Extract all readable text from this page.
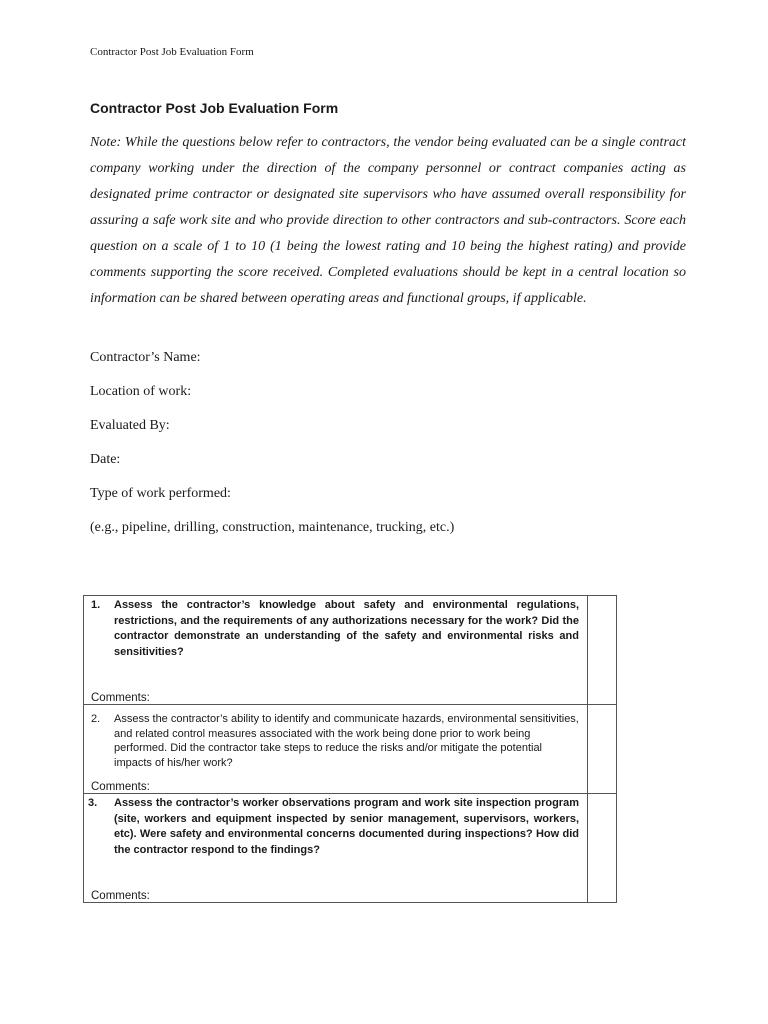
Contractor Post Job Evaluation Form
Contractor Post Job Evaluation Form

Note: While the questions below refer to contractors, the vendor being evaluated can be a single contract company working under the direction of the company personnel or contract companies acting as designated prime contractor or designated site supervisors who have assumed overall responsibility for assuring a safe work site and who provide direction to other contractors and sub-contractors. Score each question on a scale of 1 to 10 (1 being the lowest rating and 10 being the highest rating) and provide comments supporting the score received. Completed evaluations should be kept in a central location so information can be shared between operating areas and functional groups, if applicable.

Contractor’s Name:
Location of work:
Evaluated By:
Date:
Type of work performed:
(e.g., pipeline, drilling, construction, maintenance, trucking, etc.)
1. Assess the contractor’s knowledge about safety and environmental regulations, restrictions, and the requirements of any authorizations necessary for the work? Did the contractor demonstrate an understanding of the safety and environmental risks and sensitivities?
Comments:	

2. Assess the contractor’s ability to identify and communicate hazards, environmental sensitivities, and related control measures associated with the work being done prior to work being performed. Did the contractor take steps to reduce the risks and/or mitigate the potential impacts of his/her work?
Comments:	

3. Assess the contractor’s worker observations program and work site inspection program (site, workers and equipment inspected by senior management, supervisors, workers, etc). Were safety and environmental concerns documented during inspections? How did the contractor respond to the findings?
Comments:	
